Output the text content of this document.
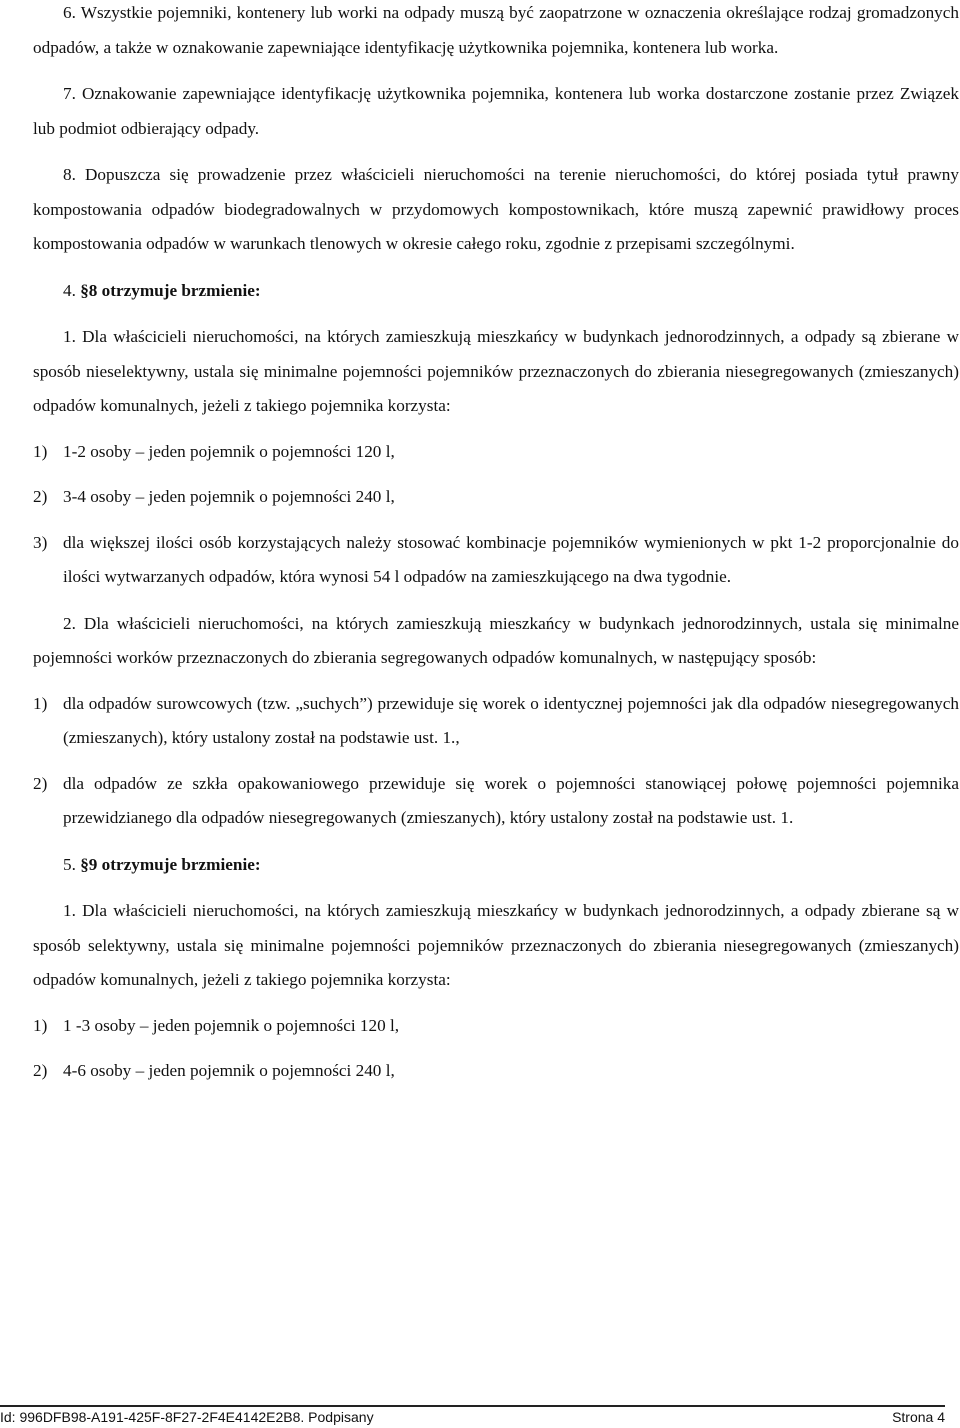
6. Wszystkie pojemniki, kontenery lub worki na odpady muszą być zaopatrzone w oznaczenia określające rodzaj gromadzonych odpadów, a także w oznakowanie zapewniające identyfikację użytkownika pojemnika, kontenera lub worka.

7. Oznakowanie zapewniające identyfikację użytkownika pojemnika, kontenera lub worka dostarczone zostanie przez Związek lub podmiot odbierający odpady.

8. Dopuszcza się prowadzenie przez właścicieli nieruchomości na terenie nieruchomości, do której posiada tytuł prawny kompostowania odpadów biodegradowalnych w przydomowych kompostownikach, które muszą zapewnić prawidłowy proces kompostowania odpadów w warunkach tlenowych w okresie całego roku, zgodnie z przepisami szczególnymi.

4. §8 otrzymuje brzmienie:

1. Dla właścicieli nieruchomości, na których zamieszkują mieszkańcy w budynkach jednorodzinnych, a odpady są zbierane w sposób nieselektywny, ustala się minimalne pojemności pojemników przeznaczonych do zbierania niesegregowanych (zmieszanych) odpadów komunalnych, jeżeli z takiego pojemnika korzysta:

1) 1-2 osoby – jeden pojemnik o pojemności 120 l,
2) 3-4 osoby – jeden pojemnik o pojemności 240 l,
3) dla większej ilości osób korzystających należy stosować kombinacje pojemników wymienionych w pkt 1-2 proporcjonalnie do ilości wytwarzanych odpadów, która wynosi 54 l odpadów na zamieszkującego na dwa tygodnie.

2. Dla właścicieli nieruchomości, na których zamieszkują mieszkańcy w budynkach jednorodzinnych, ustala się minimalne pojemności worków przeznaczonych do zbierania segregowanych odpadów komunalnych, w następujący sposób:

1) dla odpadów surowcowych (tzw. „suchych”) przewiduje się worek o identycznej pojemności jak dla odpadów niesegregowanych (zmieszanych), który ustalony został na podstawie ust. 1.,
2) dla odpadów ze szkła opakowaniowego przewiduje się worek o pojemności stanowiącej połowę pojemności pojemnika przewidzianego dla odpadów niesegregowanych (zmieszanych), który ustalony został na podstawie ust. 1.

5. §9 otrzymuje brzmienie:

1. Dla właścicieli nieruchomości, na których zamieszkują mieszkańcy w budynkach jednorodzinnych, a odpady zbierane są w sposób selektywny, ustala się minimalne pojemności pojemników przeznaczonych do zbierania niesegregowanych (zmieszanych) odpadów komunalnych, jeżeli z takiego pojemnika korzysta:

1) 1 -3 osoby – jeden pojemnik o pojemności 120 l,
2) 4-6 osoby – jeden pojemnik o pojemności 240 l,
Id: 996DFB98-A191-425F-8F27-2F4E4142E2B8. Podpisany	Strona 4
